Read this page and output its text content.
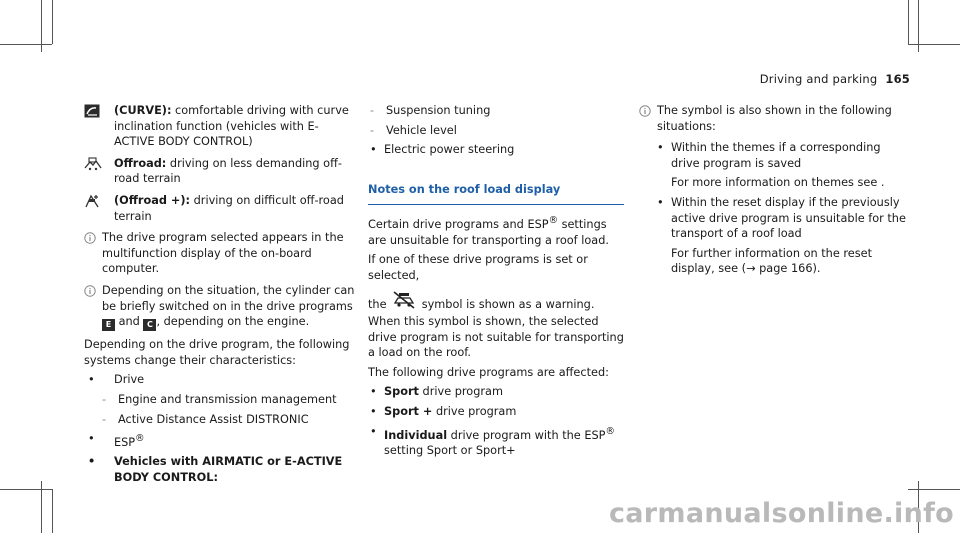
Driving and parking 165

(CURVE): comfortable driving with curve inclination function (vehicles with E-ACTIVE BODY CONTROL)

Offroad: driving on less demanding off-road terrain

(Offroad +): driving on difficult off-road terrain

The drive program selected appears in the multifunction display of the on-board computer.

Depending on the situation, the cylinder can be briefly switched on in the drive programs E and C , depending on the engine.

Depending on the drive program, the following systems change their characteristics:

• Drive
- Engine and transmission management
- Active Distance Assist DISTRONIC
• ESP®
• Vehicles with AIRMATIC or E-ACTIVE BODY CONTROL:
- Suspension tuning
- Vehicle level
• Electric power steering
Notes on the roof load display

Certain drive programs and ESP® settings are unsuitable for transporting a roof load.

If one of these drive programs is set or selected,

the	symbol is shown as a warning. When this symbol is shown, the selected drive program is not suitable for transporting a load on the roof.

The following drive programs are affected:

• Sport drive program
• Sport + drive program
• Individual drive program with the ESP® setting Sport or Sport+

The symbol is also shown in the following situations:

• Within the themes if a corresponding drive program is saved

For more information on themes see .

• Within the reset display if the previously active drive program is unsuitable for the transport of a roof load

For further information on the reset display, see (→ page 166).

carmanualsonline.info
